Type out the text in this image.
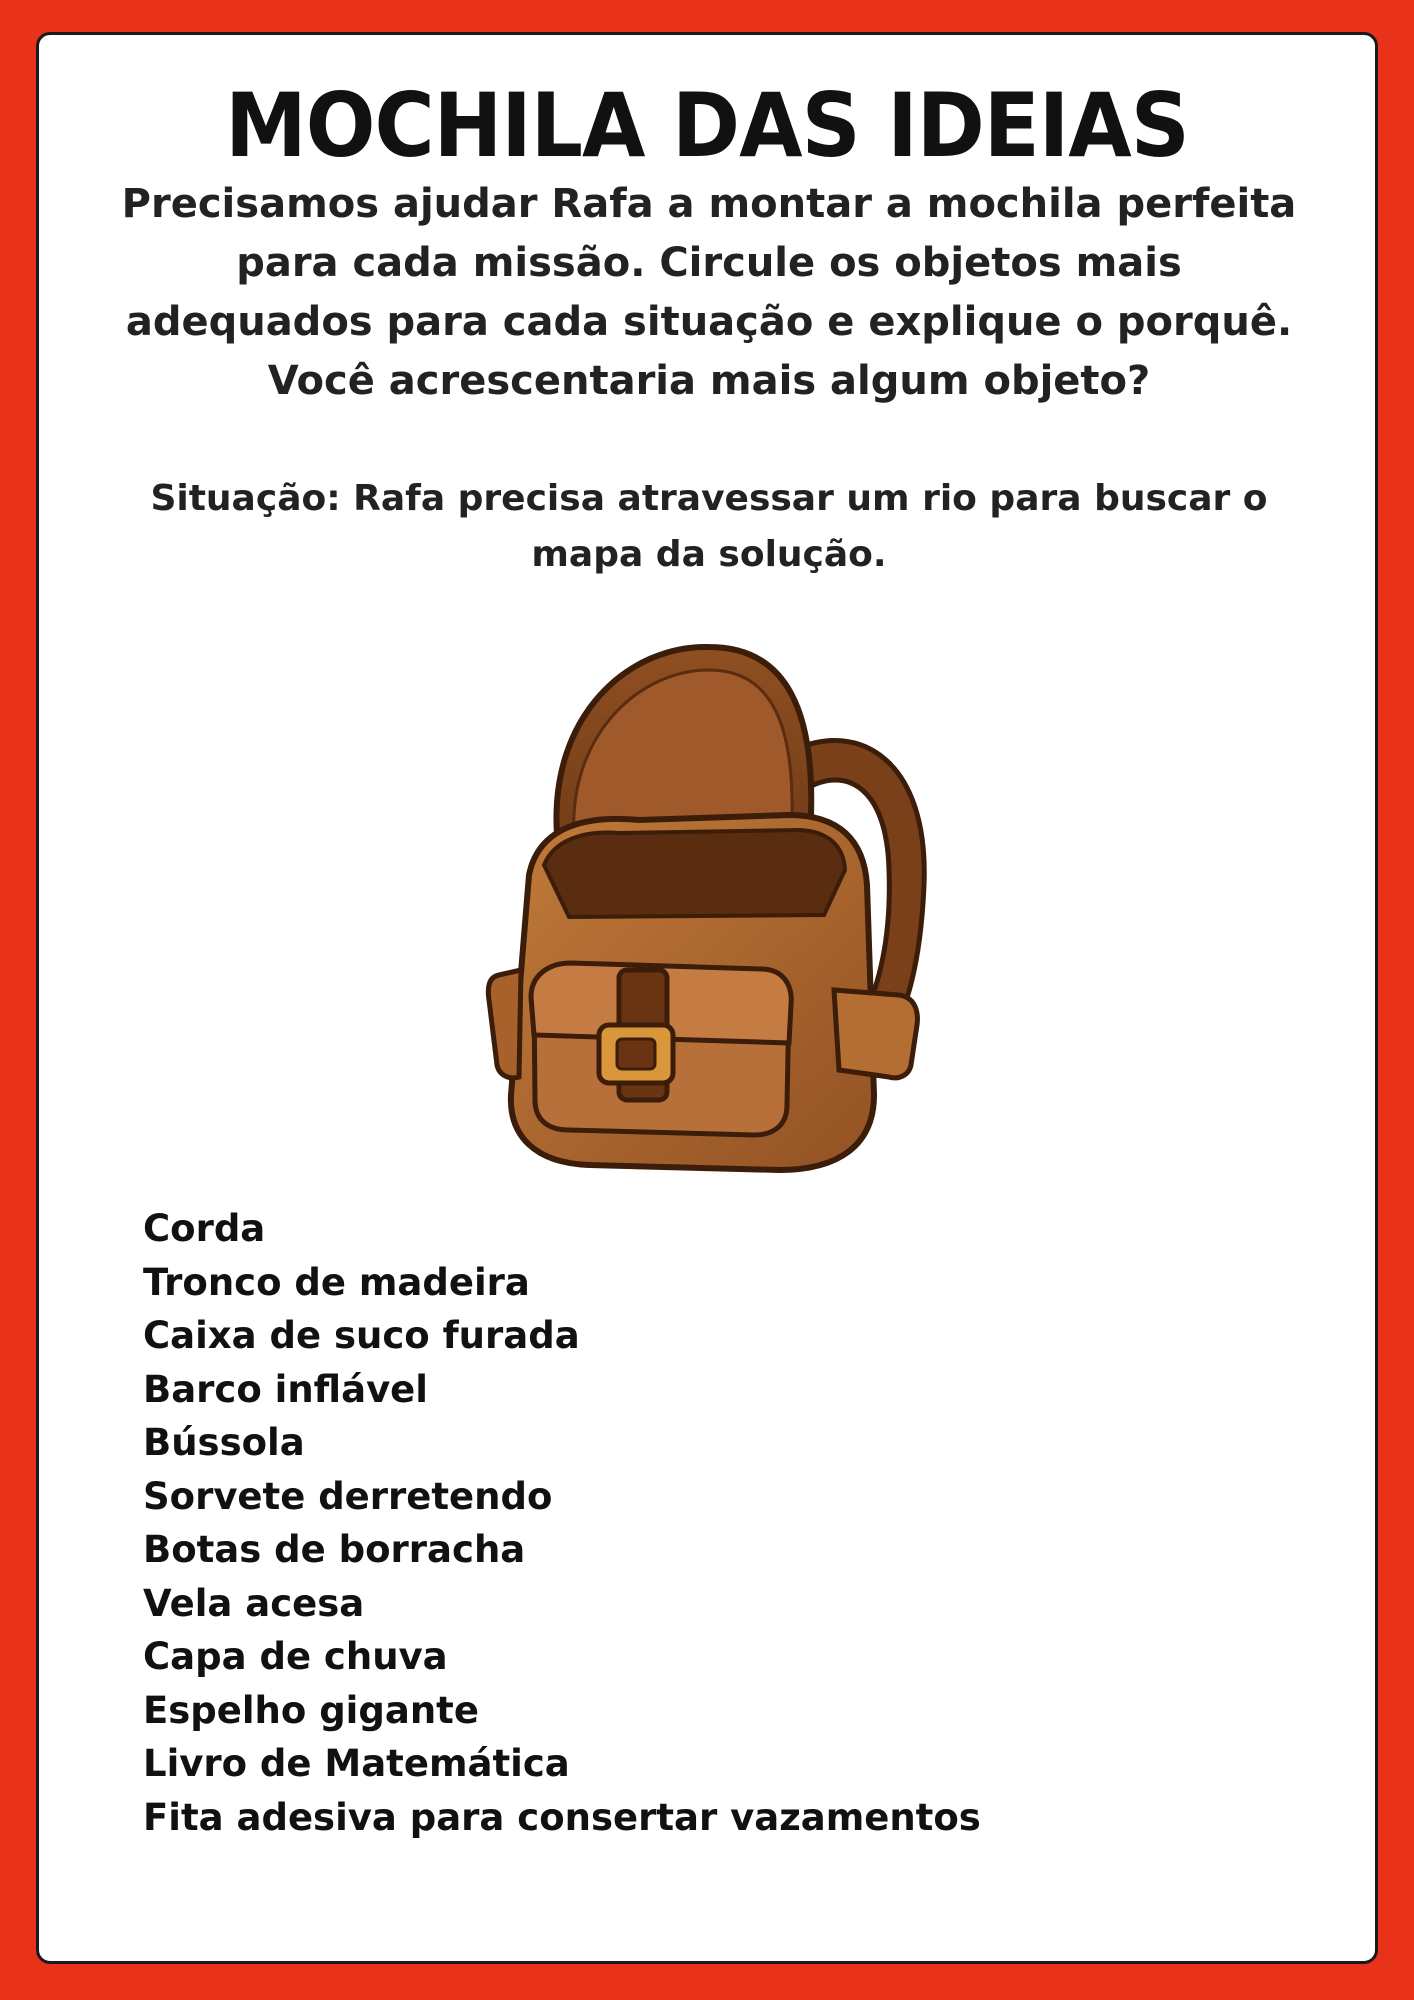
MOCHILA DAS IDEIAS
Precisamos ajudar Rafa a montar a mochila perfeita para cada missão. Circule os objetos mais adequados para cada situação e explique o porquê. Você acrescentaria mais algum objeto?
Situação: Rafa precisa atravessar um rio para buscar o mapa da solução.
Corda
Tronco de madeira
Caixa de suco furada
Barco inflável
Bússola
Sorvete derretendo
Botas de borracha
Vela acesa
Capa de chuva
Espelho gigante
Livro de Matemática
Fita adesiva para consertar vazamentos
